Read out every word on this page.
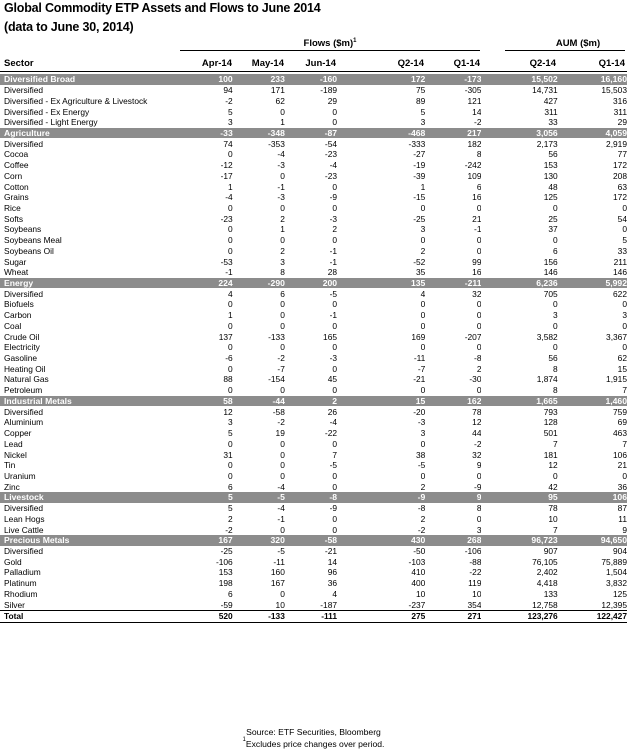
Global Commodity ETP Assets and Flows to June 2014
(data to June 30, 2014)
Flows ($m)$^1$	AUM ($m)
Sector	Apr-14	May-14	Jun-14	Q2-14	Q1-14	Q2-14	Q1-14
Diversified Broad	100	233	-160	172	-173	15,502	16,160
Diversified	94	171	-189	75	-305	14,731	15,503
Diversified - Ex Agriculture & Livestock	-2	62	29	89	121	427	316
Diversified - Ex Energy	5	0	0	5	14	311	311
Diversified - Light Energy	3	1	0	3	-2	33	29
Agriculture	-33	-348	-87	-468	217	3,056	4,059
Diversified	74	-353	-54	-333	182	2,173	2,919
Cocoa	0	-4	-23	-27	8	56	77
Coffee	-12	-3	-4	-19	-242	153	172
Corn	-17	0	-23	-39	109	130	208
Cotton	1	-1	0	1	6	48	63
Grains	-4	-3	-9	-15	16	125	172
Rice	0	0	0	0	0	0	0
Softs	-23	2	-3	-25	21	25	54
Soybeans	0	1	2	3	-1	37	0
Soybeans Meal	0	0	0	0	0	0	5
Soybeans Oil	0	2	-1	2	0	6	33
Sugar	-53	3	-1	-52	99	156	211
Wheat	-1	8	28	35	16	146	146
Energy	224	-290	200	135	-211	6,236	5,992
Diversified	4	6	-5	4	32	705	622
Biofuels	0	0	0	0	0	0	0
Carbon	1	0	-1	0	0	3	3
Coal	0	0	0	0	0	0	0
Crude Oil	137	-133	165	169	-207	3,582	3,367
Electricity	0	0	0	0	0	0	0
Gasoline	-6	-2	-3	-11	-8	56	62
Heating Oil	0	-7	0	-7	2	8	15
Natural Gas	88	-154	45	-21	-30	1,874	1,915
Petroleum	0	0	0	0	0	8	7
Industrial Metals	58	-44	2	15	162	1,665	1,460
Diversified	12	-58	26	-20	78	793	759
Aluminium	3	-2	-4	-3	12	128	69
Copper	5	19	-22	3	44	501	463
Lead	0	0	0	0	-2	7	7
Nickel	31	0	7	38	32	181	106
Tin	0	0	-5	-5	9	12	21
Uranium	0	0	0	0	0	0	0
Zinc	6	-4	0	2	-9	42	36
Livestock	5	-5	-8	-9	9	95	106
Diversified	5	-4	-9	-8	8	78	87
Lean Hogs	2	-1	0	2	0	10	11
Live Cattle	-2	0	0	-2	3	7	9
Precious Metals	167	320	-58	430	268	96,723	94,650
Diversified	-25	-5	-21	-50	-106	907	904
Gold	-106	-11	14	-103	-88	76,105	75,889
Palladium	153	160	96	410	-22	2,402	1,504
Platinum	198	167	36	400	119	4,418	3,832
Rhodium	6	0	4	10	10	133	125
Silver	-59	10	-187	-237	354	12,758	12,395
Total	520	-133	-111	275	271	123,276	122,427
Source: ETF Securities, Bloomberg
$^1$Excludes price changes over period.
